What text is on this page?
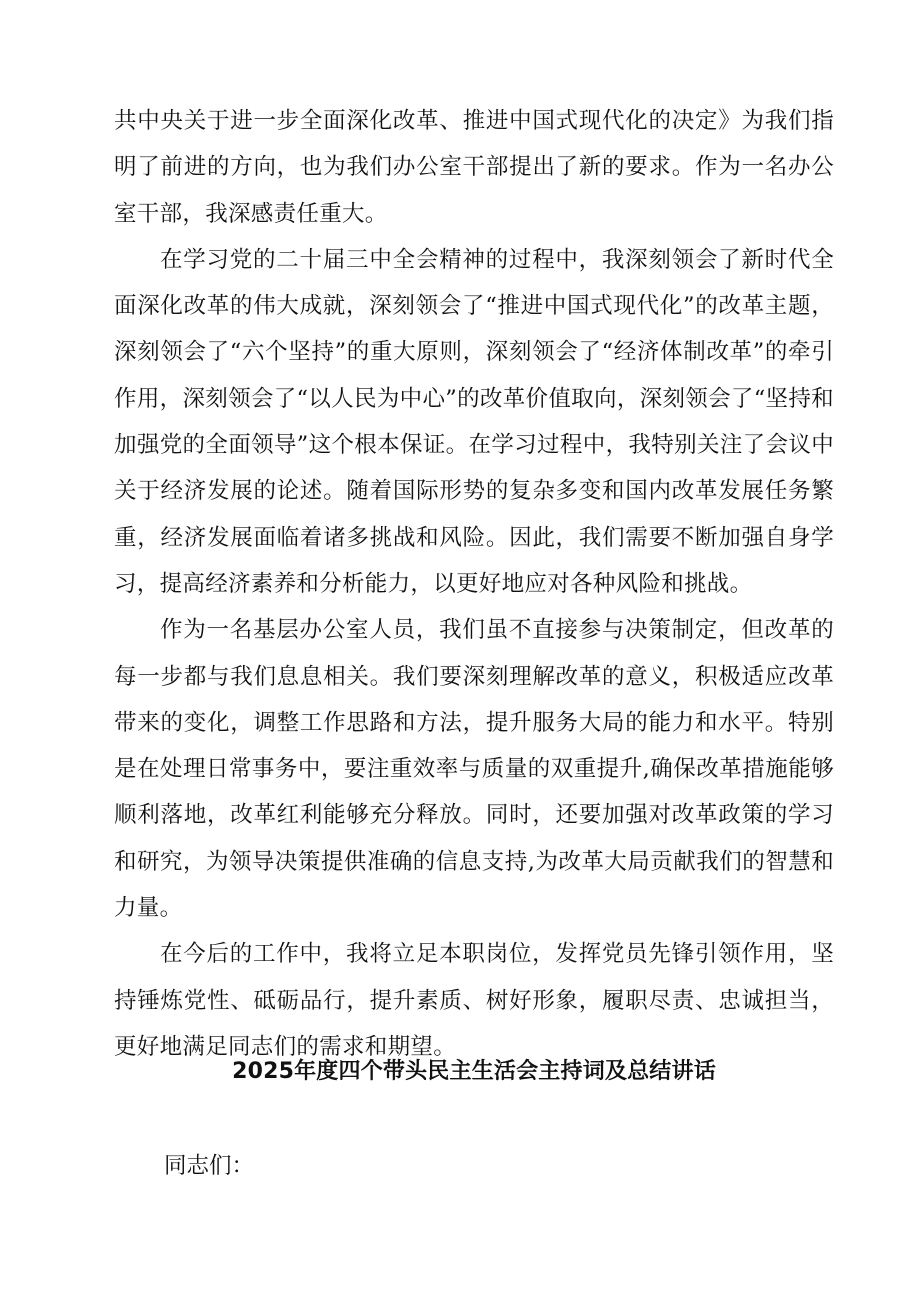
共中央关于进一步全面深化改革、推进中国式现代化的决定》为我们指明了前进的方向，也为我们办公室干部提出了新的要求。作为一名办公室干部，我深感责任重大。

在学习党的二十届三中全会精神的过程中，我深刻领会了新时代全面深化改革的伟大成就，深刻领会了“推进中国式现代化”的改革主题，深刻领会了“六个坚持”的重大原则，深刻领会了“经济体制改革”的牵引作用，深刻领会了“以人民为中心”的改革价值取向，深刻领会了“坚持和加强党的全面领导”这个根本保证。在学习过程中，我特别关注了会议中关于经济发展的论述。随着国际形势的复杂多变和国内改革发展任务繁重，经济发展面临着诸多挑战和风险。因此，我们需要不断加强自身学习，提高经济素养和分析能力，以更好地应对各种风险和挑战。

作为一名基层办公室人员，我们虽不直接参与决策制定，但改革的每一步都与我们息息相关。我们要深刻理解改革的意义，积极适应改革带来的变化，调整工作思路和方法，提升服务大局的能力和水平。特别是在处理日常事务中，要注重效率与质量的双重提升,确保改革措施能够顺利落地，改革红利能够充分释放。同时，还要加强对改革政策的学习和研究，为领导决策提供准确的信息支持,为改革大局贡献我们的智慧和力量。

在今后的工作中，我将立足本职岗位，发挥党员先锋引领作用，坚持锤炼党性、砥砺品行，提升素质、树好形象，履职尽责、忠诚担当，更好地满足同志们的需求和期望。

2025年度四个带头民主生活会主持词及总结讲话

同志们：
